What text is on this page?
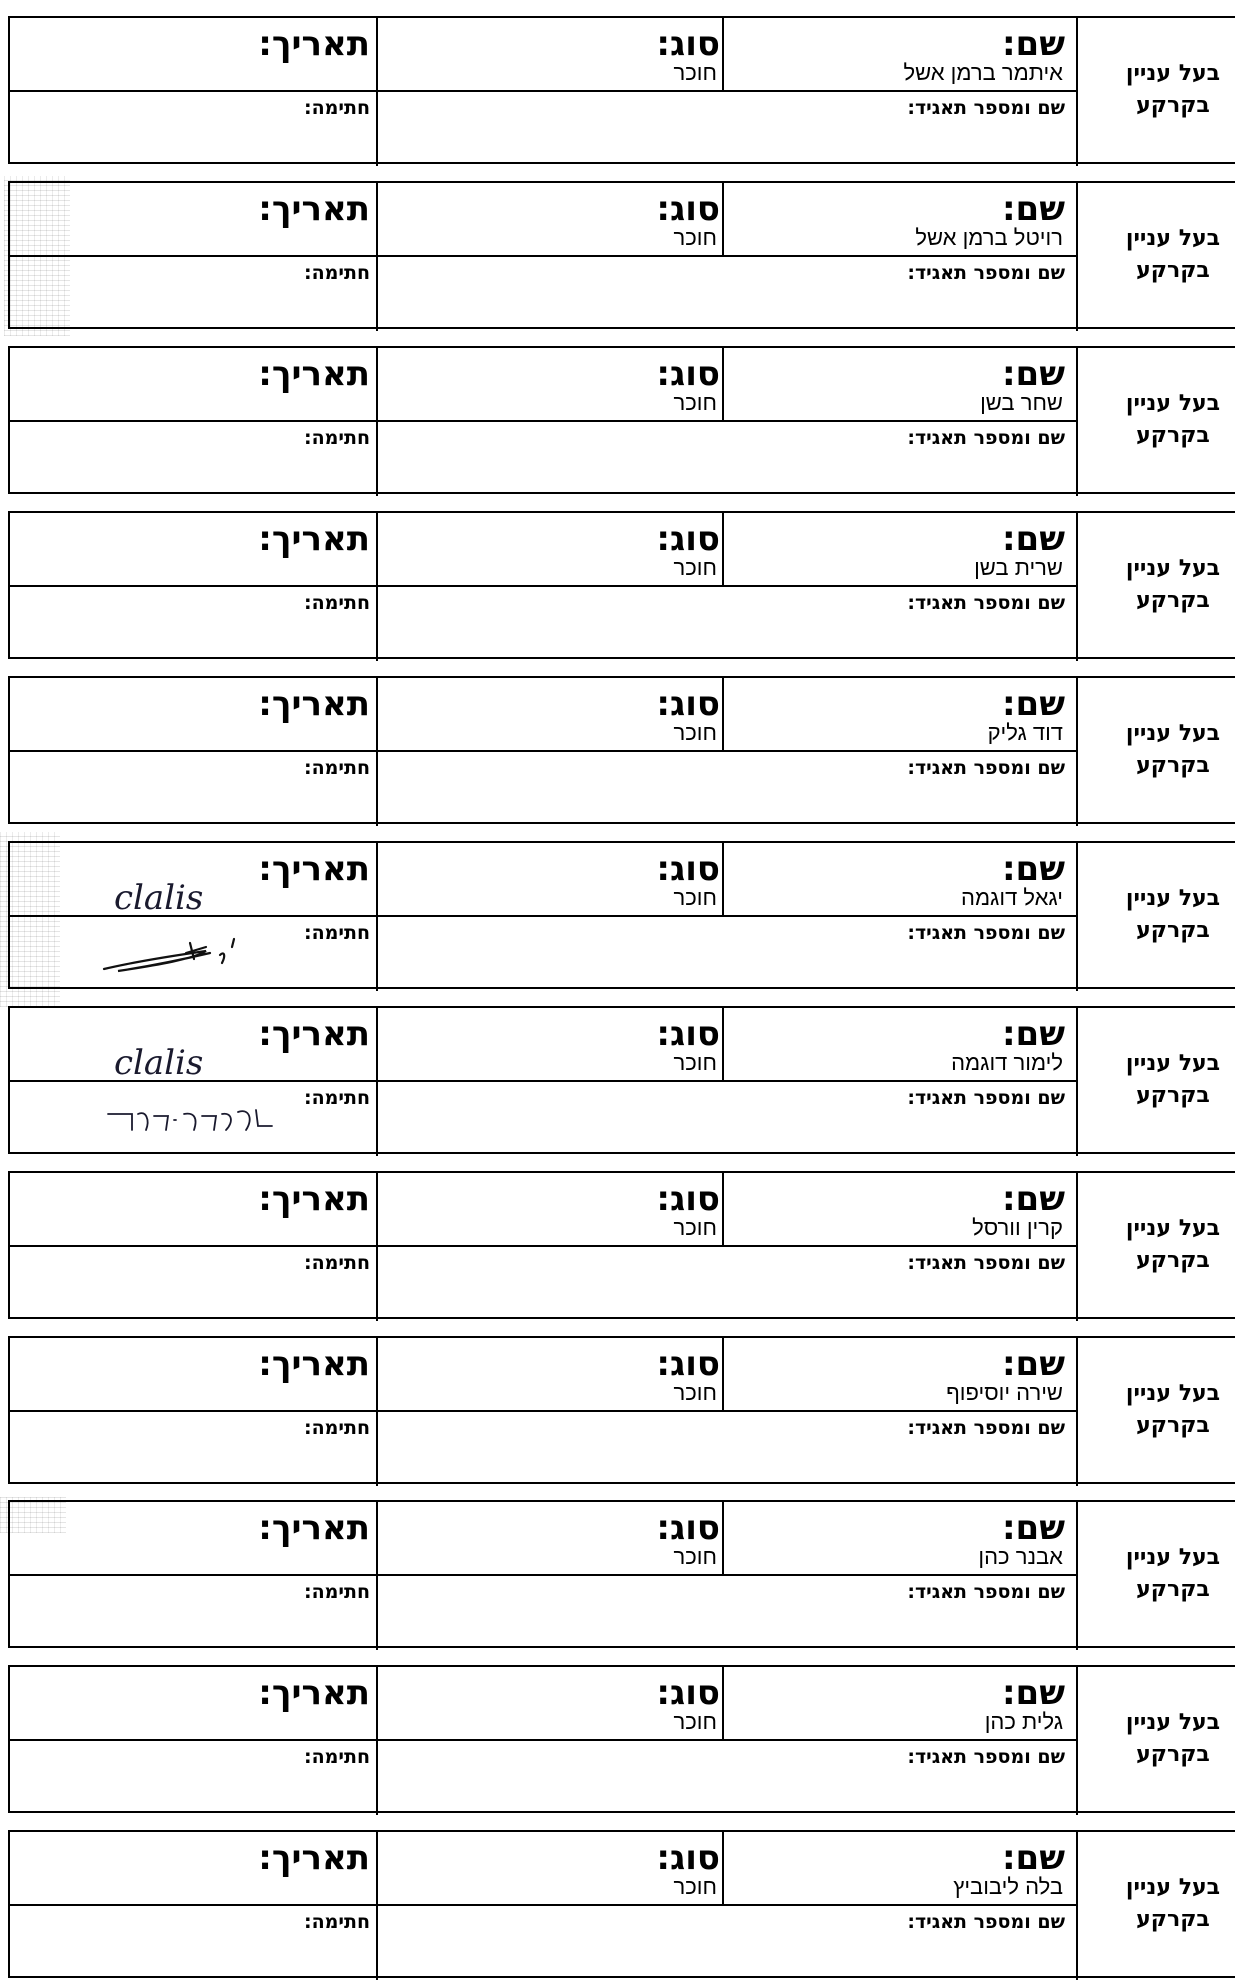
בעל עניין
בקרקע
שם:
סוג:
תאריך:
איתמר ברמן אשל
חוכר
שם ומספר תאגיד:
חתימה:
בעל עניין
בקרקע
שם:
סוג:
תאריך:
רויטל ברמן אשל
חוכר
שם ומספר תאגיד:
חתימה:
בעל עניין
בקרקע
שם:
סוג:
תאריך:
שחר בשן
חוכר
שם ומספר תאגיד:
חתימה:
בעל עניין
בקרקע
שם:
סוג:
תאריך:
שרית בשן
חוכר
שם ומספר תאגיד:
חתימה:
בעל עניין
בקרקע
שם:
סוג:
תאריך:
דוד גליק
חוכר
שם ומספר תאגיד:
חתימה:
בעל עניין
בקרקע
שם:
סוג:
תאריך:
יגאל דוגמה
חוכר
שם ומספר תאגיד:
חתימה:
clalis
בעל עניין
בקרקע
שם:
סוג:
תאריך:
לימור דוגמה
חוכר
שם ומספר תאגיד:
חתימה:
clalis
בעל עניין
בקרקע
שם:
סוג:
תאריך:
קרין וורסל
חוכר
שם ומספר תאגיד:
חתימה:
בעל עניין
בקרקע
שם:
סוג:
תאריך:
שירה יוסיפוף
חוכר
שם ומספר תאגיד:
חתימה:
בעל עניין
בקרקע
שם:
סוג:
תאריך:
אבנר כהן
חוכר
שם ומספר תאגיד:
חתימה:
בעל עניין
בקרקע
שם:
סוג:
תאריך:
גלית כהן
חוכר
שם ומספר תאגיד:
חתימה:
בעל עניין
בקרקע
שם:
סוג:
תאריך:
בלה ליבוביץ
חוכר
שם ומספר תאגיד:
חתימה:
